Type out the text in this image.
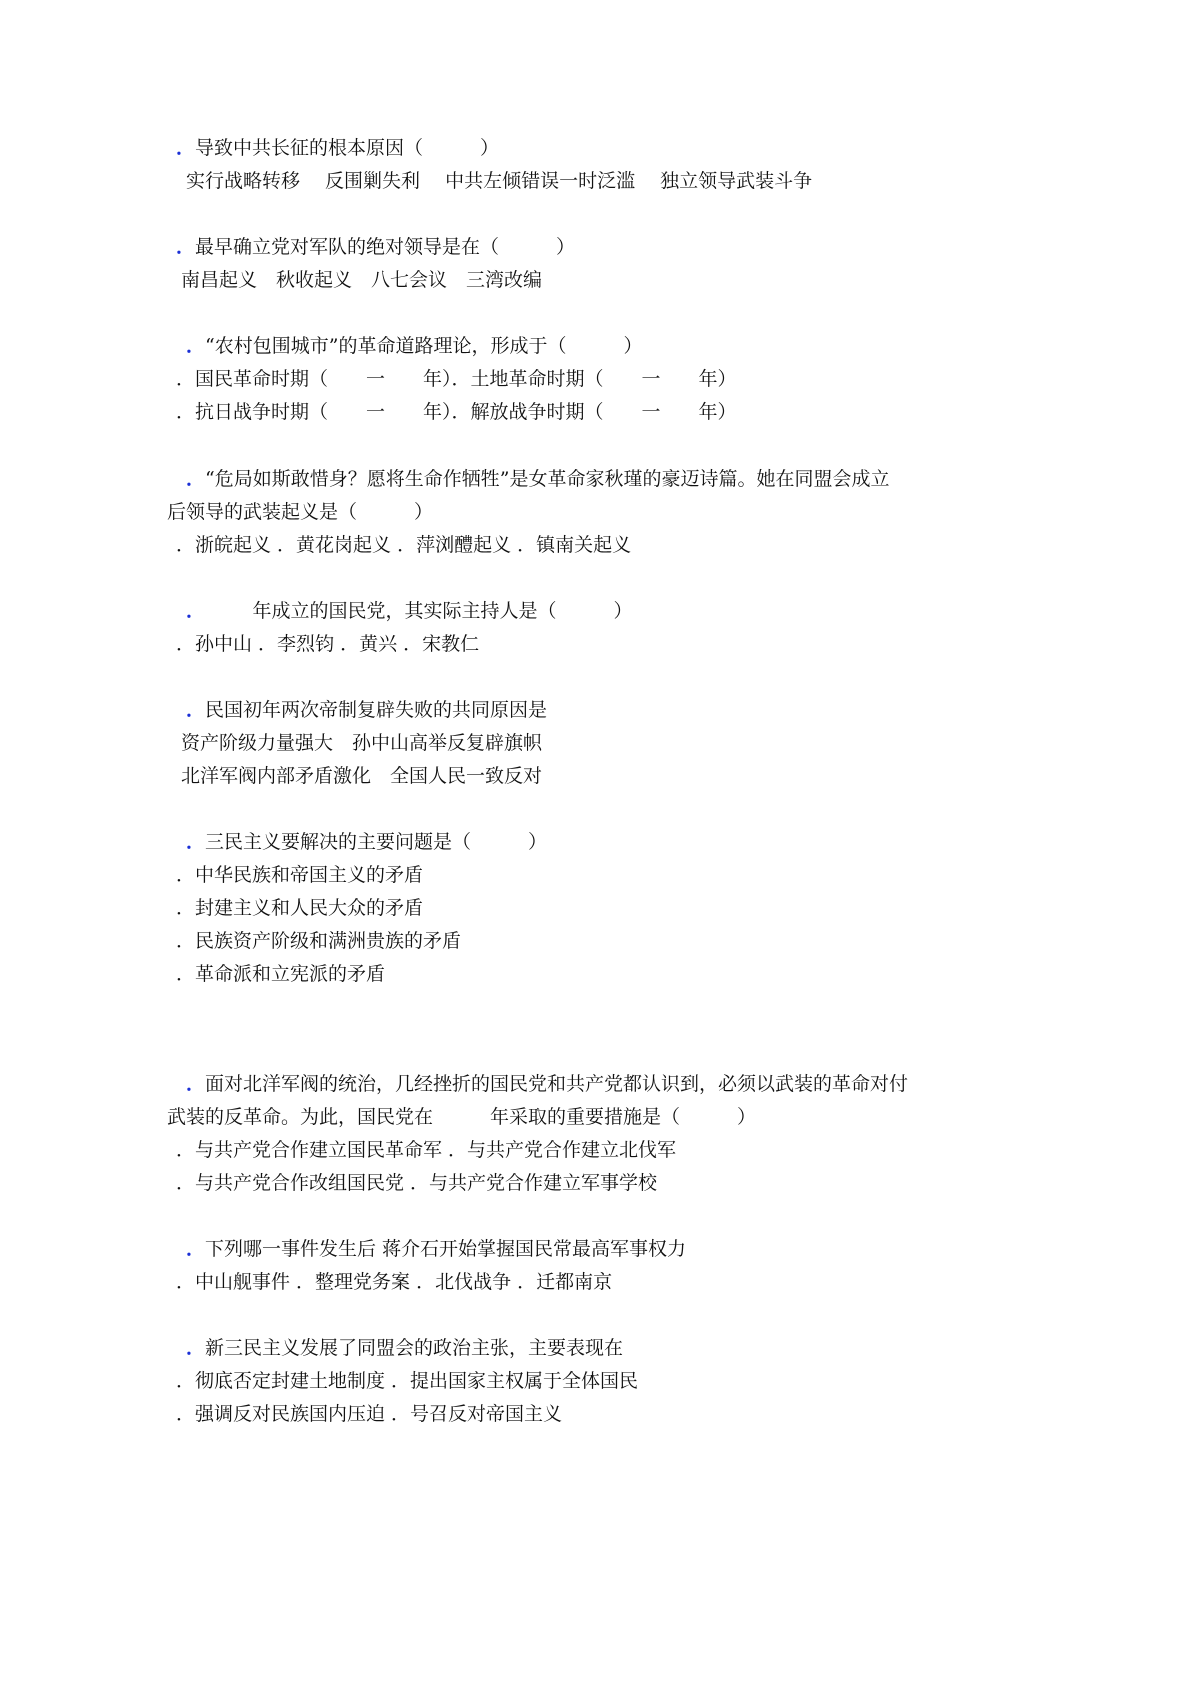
．导致中共长征的根本原因（　　　）
实行战略转移　 反围剿失利　 中共左倾错误一时泛滥　 独立领导武装斗争
．最早确立党对军队的绝对领导是在（　　　）
南昌起义　秋收起义　八七会议　三湾改编
．“农村包围城市”的革命道路理论，形成于（　　　）
．国民革命时期（　　一　　年）．土地革命时期（　　一　　年）
．抗日战争时期（　　一　　年）．解放战争时期（　　一　　年）
．“危局如斯敢惜身？愿将生命作牺牲”是女革命家秋瑾的豪迈诗篇。她在同盟会成立
后领导的武装起义是（　　　）
．浙皖起义 ．黄花岗起义 ．萍浏醴起义 ．镇南关起义
．　　　年成立的国民党，其实际主持人是（　　　）
．孙中山 ．李烈钧 ．黄兴 ．宋教仁
．民国初年两次帝制复辟失败的共同原因是
资产阶级力量强大　孙中山高举反复辟旗帜
北洋军阀内部矛盾激化　全国人民一致反对
．三民主义要解决的主要问题是（　　　）
．中华民族和帝国主义的矛盾
．封建主义和人民大众的矛盾
．民族资产阶级和满洲贵族的矛盾
．革命派和立宪派的矛盾
．面对北洋军阀的统治，几经挫折的国民党和共产党都认识到，必须以武装的革命对付
武装的反革命。为此，国民党在　　　年采取的重要措施是（　　　）
．与共产党合作建立国民革命军 ．与共产党合作建立北伐军
．与共产党合作改组国民党 ．与共产党合作建立军事学校
．下列哪一事件发生后 蒋介石开始掌握国民常最高军事权力
．中山舰事件 ．整理党务案 ．北伐战争 ．迁都南京
．新三民主义发展了同盟会的政治主张，主要表现在
．彻底否定封建土地制度 ．提出国家主权属于全体国民
．强调反对民族国内压迫 ．号召反对帝国主义
